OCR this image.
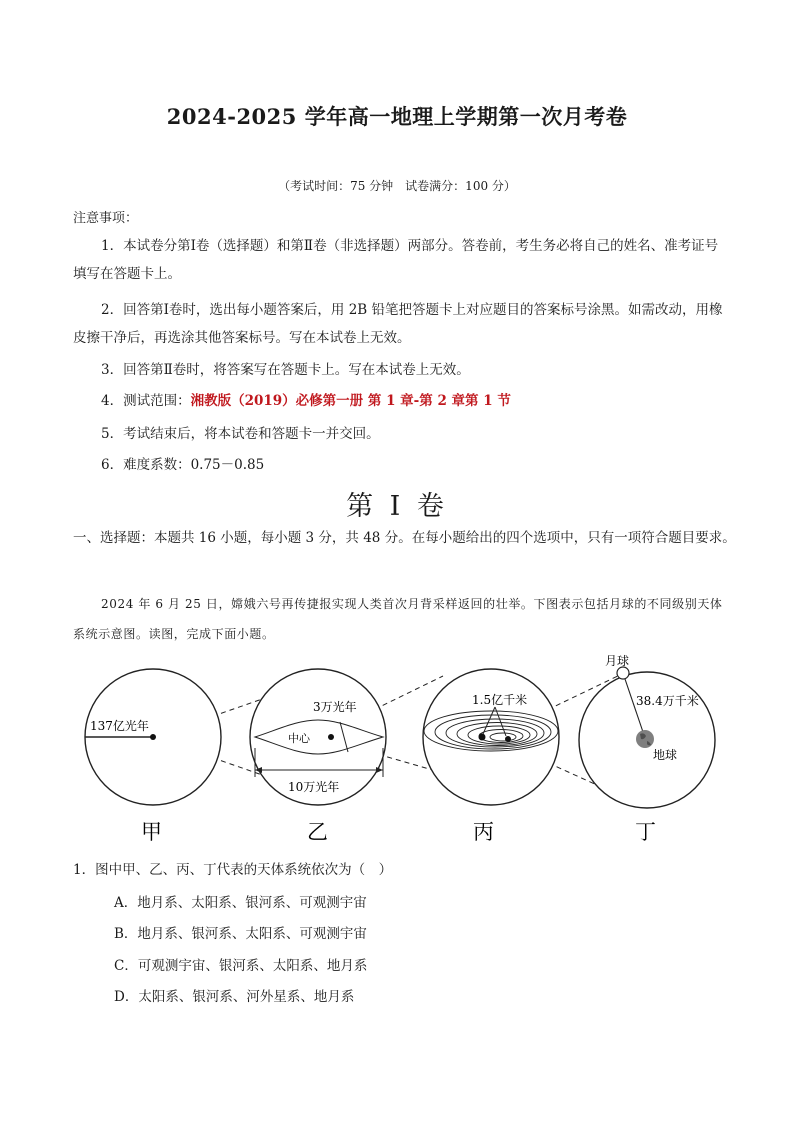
2024-2025 学年高一地理上学期第一次月考卷
（考试时间：75 分钟　试卷满分：100 分）
注意事项：
1．本试卷分第Ⅰ卷（选择题）和第Ⅱ卷（非选择题）两部分。答卷前，考生务必将自己的姓名、准考证号填写在答题卡上。
2．回答第Ⅰ卷时，选出每小题答案后，用 2B 铅笔把答题卡上对应题目的答案标号涂黑。如需改动，用橡皮擦干净后，再选涂其他答案标号。写在本试卷上无效。
3．回答第Ⅱ卷时，将答案写在答题卡上。写在本试卷上无效。
4．测试范围：湘教版（2019）必修第一册 第 1 章-第 2 章第 1 节
5．考试结束后，将本试卷和答题卡一并交回。
6．难度系数：0.75－0.85
第 I 卷
一、选择题：本题共 16 小题，每小题 3 分，共 48 分。在每小题给出的四个选项中，只有一项符合题目要求。
2024 年 6 月 25 日，嫦娥六号再传捷报实现人类首次月背采样返回的壮举。下图表示包括月球的不同级别天体系统示意图。读图，完成下面小题。
137亿光年
3万光年
中心
10万光年
1.5亿千米
月球
38.4万千米
地球
甲	乙	丙	丁
1．图中甲、乙、丙、丁代表的天体系统依次为（　）
A．地月系、太阳系、银河系、可观测宇宙
B．地月系、银河系、太阳系、可观测宇宙
C．可观测宇宙、银河系、太阳系、地月系
D．太阳系、银河系、河外星系、地月系
